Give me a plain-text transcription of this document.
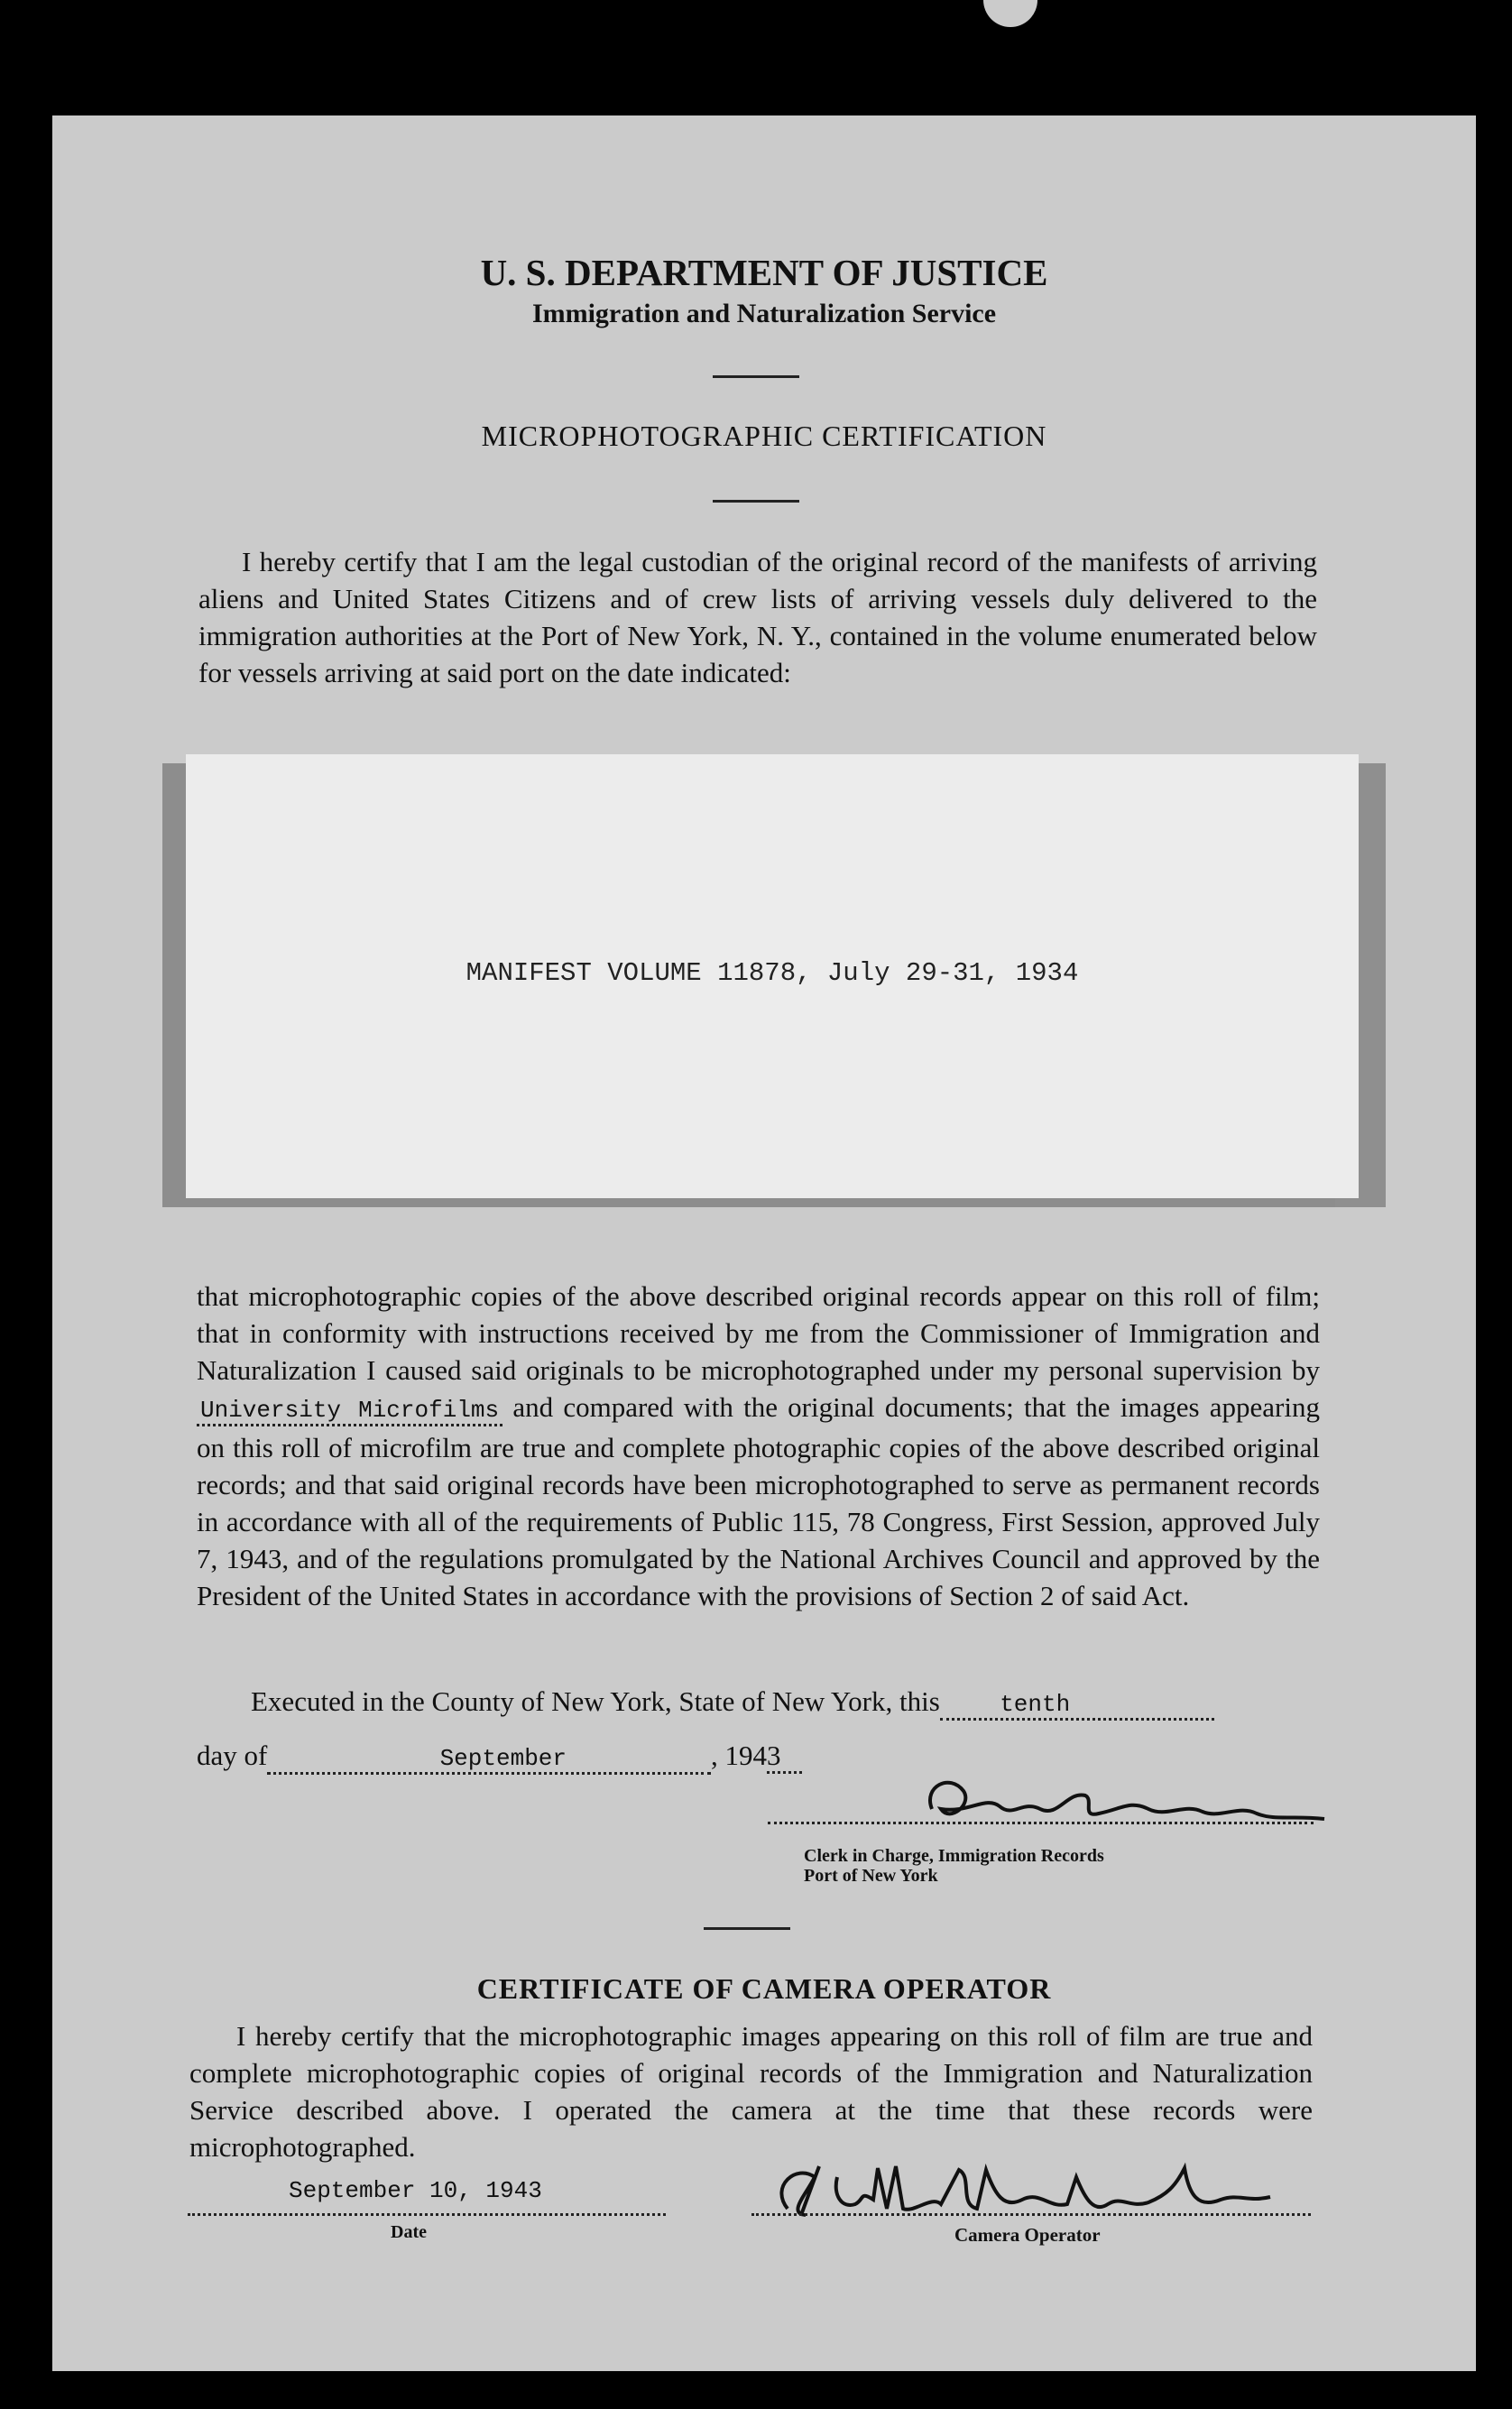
U. S. DEPARTMENT OF JUSTICE
Immigration and Naturalization Service
MICROPHOTOGRAPHIC CERTIFICATION
I hereby certify that I am the legal custodian of the original record of the manifests of arriving aliens and United States Citizens and of crew lists of arriving vessels duly delivered to the immigration authorities at the Port of New York, N. Y., contained in the volume enumerated below for vessels arriving at said port on the date indicated:
MANIFEST VOLUME 11878, July 29-31, 1934
that microphotographic copies of the above described original records appear on this roll of film; that in conformity with instructions received by me from the Commissioner of Immigration and Naturalization I caused said originals to be microphotographed under my personal supervision by University Microfilms and compared with the original documents; that the images appearing on this roll of microfilm are true and complete photographic copies of the above described original records; and that said original records have been microphotographed to serve as permanent records in accordance with all of the requirements of Public 115, 78 Congress, First Session, approved July 7, 1943, and of the regulations promulgated by the National Archives Council and approved by the President of the United States in accordance with the provisions of Section 2 of said Act.
Executed in the County of New York, State of New York, this	tenth
day of	September	, 1943
Clerk in Charge, Immigration Records
Port of New York
CERTIFICATE OF CAMERA OPERATOR
I hereby certify that the microphotographic images appearing on this roll of film are true and complete microphotographic copies of original records of the Immigration and Naturalization Service described above. I operated the camera at the time that these records were microphotographed.
September 10, 1943
Date	Camera Operator
